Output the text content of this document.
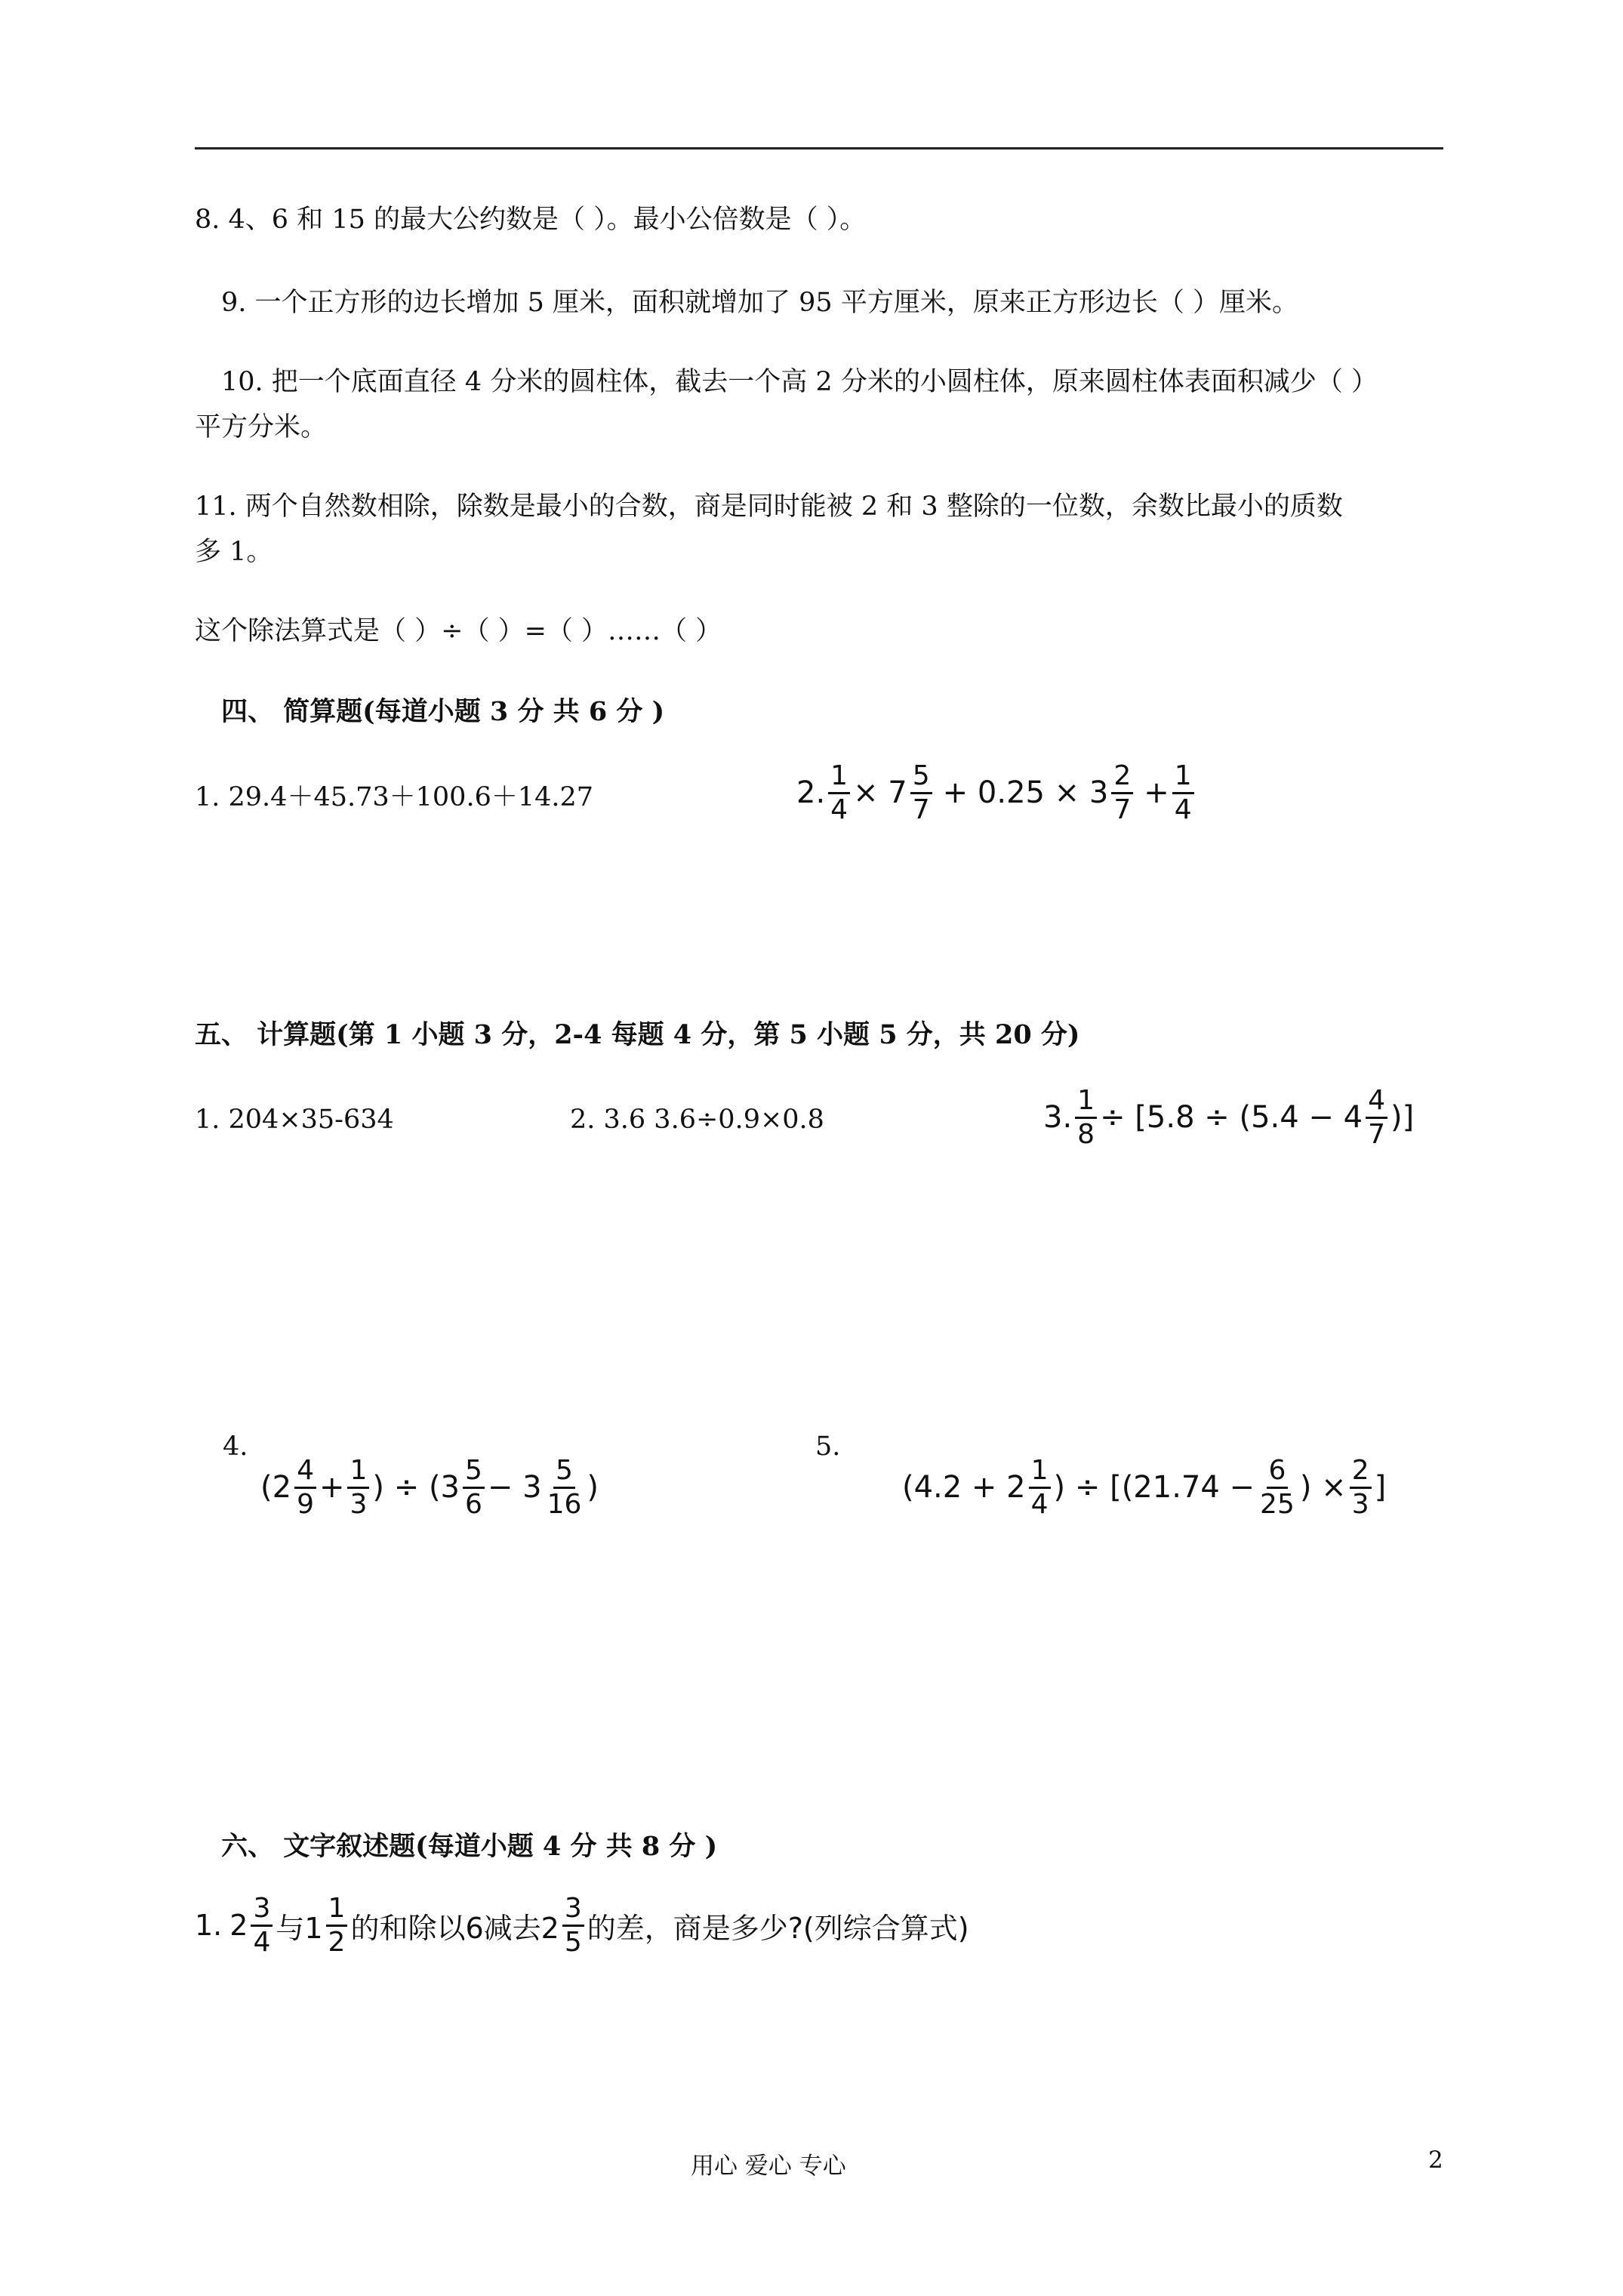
8. 4、6 和 15 的最大公约数是（ ）。最小公倍数是（ ）。
9. 一个正方形的边长增加 5 厘米，面积就增加了 95 平方厘米，原来正方形边长（ ）厘米。
10. 把一个底面直径 4 分米的圆柱体，截去一个高 2 分米的小圆柱体，原来圆柱体表面积减少（ ）
平方分米。
11. 两个自然数相除，除数是最小的合数，商是同时能被 2 和 3 整除的一位数，余数比最小的质数
多 1。
这个除法算式是（ ）÷（ ）=（ ）……（ ）
四、 简算题(每道小题 3 分 共 6 分 )
1. 29.4＋45.73＋100.6＋14.27	2. $\frac{1}{4} \times 7 \frac{5}{7} + 0.25 \times 3 \frac{2}{7} + \frac{1}{4}$
五、 计算题(第 1 小题 3 分，2-4 每题 4 分，第 5 小题 5 分，共 20 分)
1. 204×35-634	2. 3.6 3.6÷0.9×0.8	3. $\frac{1}{8} \div [5.8 \div (5.4 - 4 \frac{4}{7}$ )]
4.
($2 \frac{4}{9} + \frac{1}{3}$ ) ÷ ($3 \frac{5}{6} - 3 \frac{5}{16}$ )
5.
($4.2 + 2 \frac{1}{4}$ ) ÷ [($21.74 - \frac{6}{25}$ ) × $\frac{2}{3}$ ]
六、 文字叙述题(每道小题 4 分 共 8 分 )
1. $2 \frac{3}{4}$ 与$1 \frac{1}{2}$ 的和除以6减去$2 \frac{3}{5}$ 的差，商是多少?(列综合算式)
用心 爱心 专心	2
